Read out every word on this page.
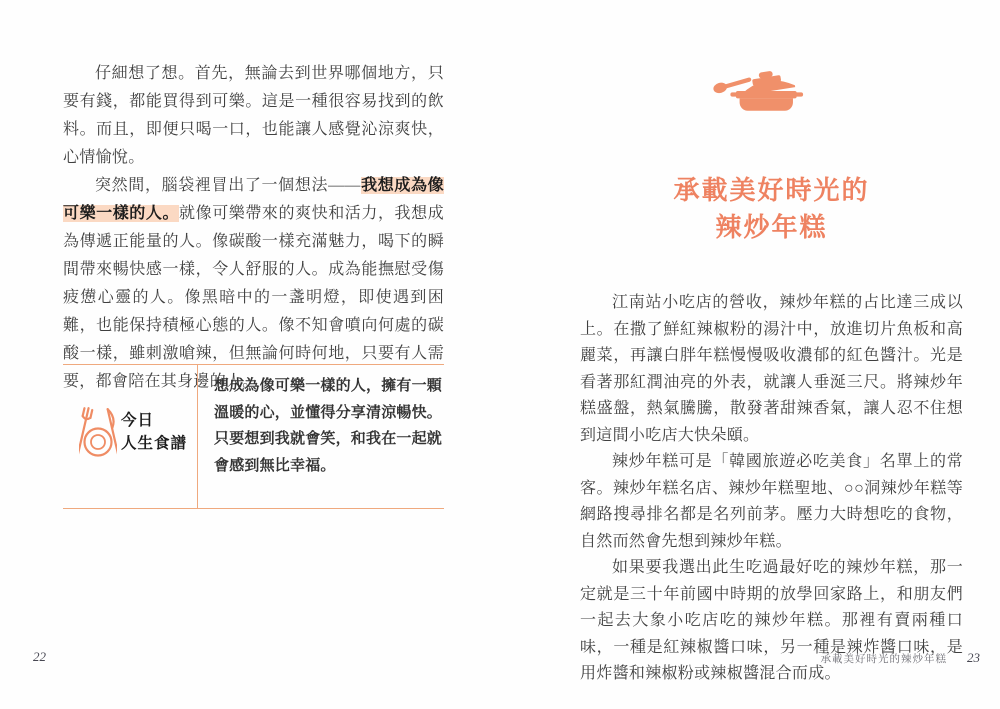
仔細想了想。首先，無論去到世界哪個地方，只要有錢，都能買得到可樂。這是一種很容易找到的飲料。而且，即便只喝一口，也能讓人感覺沁涼爽快，心情愉悅。

突然間，腦袋裡冒出了一個想法——我想成為像可樂一樣的人。就像可樂帶來的爽快和活力，我想成為傳遞正能量的人。像碳酸一樣充滿魅力，喝下的瞬間帶來暢快感一樣，令人舒服的人。成為能撫慰受傷疲憊心靈的人。像黑暗中的一盞明燈，即使遇到困難，也能保持積極心態的人。像不知會噴向何處的碳酸一樣，雖刺激嗆辣，但無論何時何地，只要有人需要，都會陪在其身邊的人。

今日
人生食譜
想成為像可樂一樣的人，擁有一顆溫暖的心，並懂得分享清涼暢快。只要想到我就會笑，和我在一起就會感到無比幸福。
22
承載美好時光的
辣炒年糕

江南站小吃店的營收，辣炒年糕的占比達三成以上。在撒了鮮紅辣椒粉的湯汁中，放進切片魚板和高麗菜，再讓白胖年糕慢慢吸收濃郁的紅色醬汁。光是看著那紅潤油亮的外表，就讓人垂涎三尺。將辣炒年糕盛盤，熱氣騰騰，散發著甜辣香氣，讓人忍不住想到這間小吃店大快朵頤。

辣炒年糕可是「韓國旅遊必吃美食」名單上的常客。辣炒年糕名店、辣炒年糕聖地、○○洞辣炒年糕等網路搜尋排名都是名列前茅。壓力大時想吃的食物，自然而然會先想到辣炒年糕。

如果要我選出此生吃過最好吃的辣炒年糕，那一定就是三十年前國中時期的放學回家路上，和朋友們一起去大象小吃店吃的辣炒年糕。那裡有賣兩種口味，一種是紅辣椒醬口味，另一種是辣炸醬口味，是用炸醬和辣椒粉或辣椒醬混合而成。

承載美好時光的辣炒年糕 23
